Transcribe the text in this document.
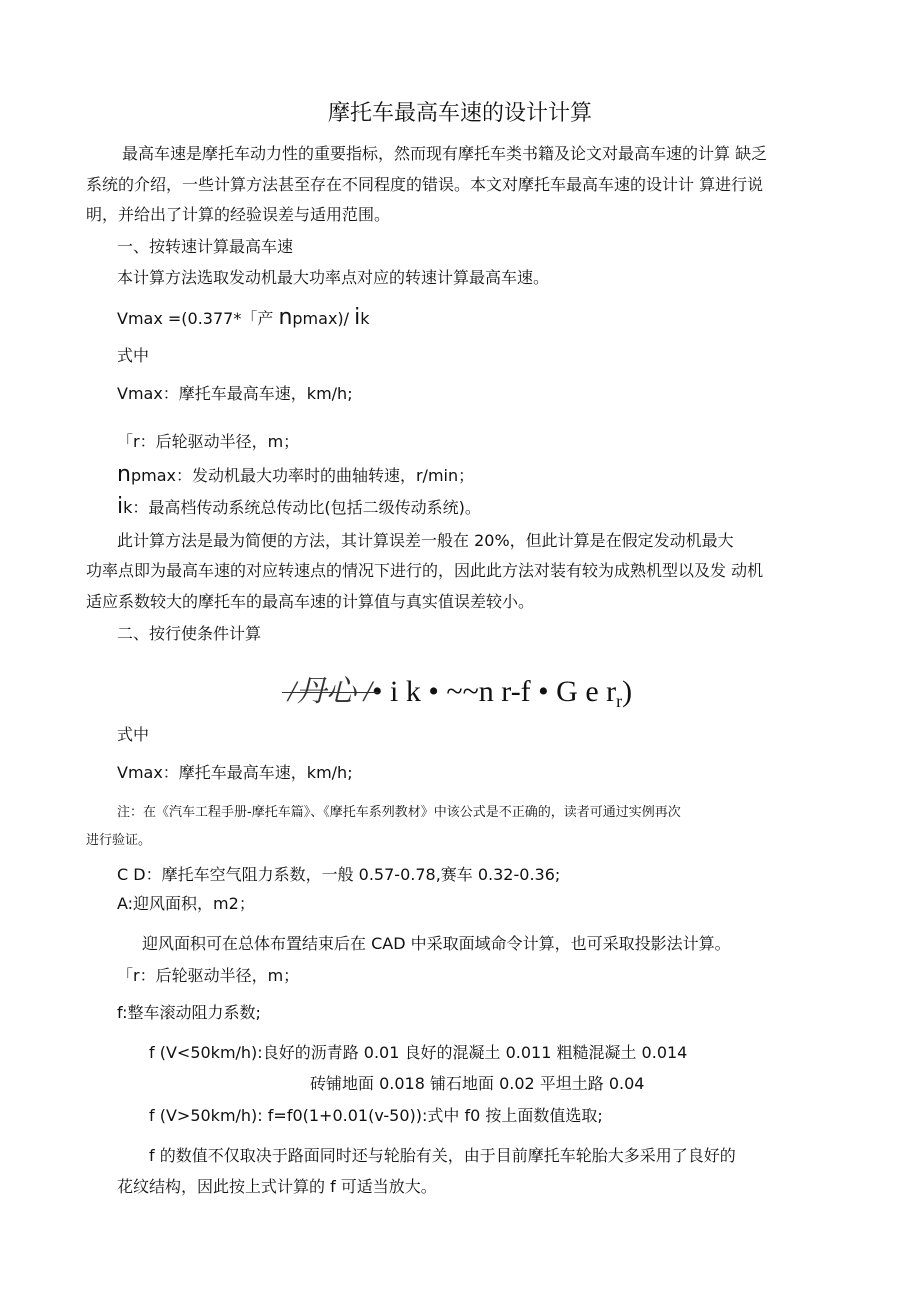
摩托车最高车速的设计计算
最高车速是摩托车动力性的重要指标，然而现有摩托车类书籍及论文对最高车速的计算 缺乏
系统的介绍，一些计算方法甚至存在不同程度的错误。本文对摩托车最高车速的设计计 算进行说
明，并给出了计算的经验误差与适用范围。
一、按转速计算最高车速
本计算方法选取发动机最大功率点对应的转速计算最高车速。
Vmax =(0.377*「产 npmax)/ ik
式中
Vmax：摩托车最高车速，km/h;
「r：后轮驱动半径，m；
npmax：发动机最大功率时的曲轴转速，r/min；
ik：最高档传动系统总传动比(包括二级传动系统)。
此计算方法是最为简便的方法，其计算误差一般在 20%，但此计算是在假定发动机最大
功率点即为最高车速的对应转速点的情况下进行的，因此此方法对装有较为成熟机型以及发 动机
适应系数较大的摩托车的最高车速的计算值与真实值误差较小。
二、按行使条件计算
/丹心 /• i k • ~~n r-f • G e $r_r$)
式中
Vmax：摩托车最高车速，km/h;
注：在《汽车工程手册-摩托车篇》、《摩托车系列教材》中该公式是不正确的，读者可通过实例再次
进行验证。
C D：摩托车空气阻力系数，一般 0.57-0.78,赛车 0.32-0.36;
A:迎风面积，m2；
迎风面积可在总体布置结束后在 CAD 中采取面域命令计算，也可采取投影法计算。
「r：后轮驱动半径，m；
f:整车滚动阻力系数;
f (V<50km/h):良好的沥青路 0.01 良好的混凝土 0.011 粗糙混凝土 0.014
砖铺地面 0.018 铺石地面 0.02 平坦土路 0.04
f (V>50km/h): f=f0(1+0.01(v-50)):式中 f0 按上面数值选取;
f 的数值不仅取决于路面同时还与轮胎有关，由于目前摩托车轮胎大多采用了良好的
花纹结构，因此按上式计算的 f 可适当放大。
